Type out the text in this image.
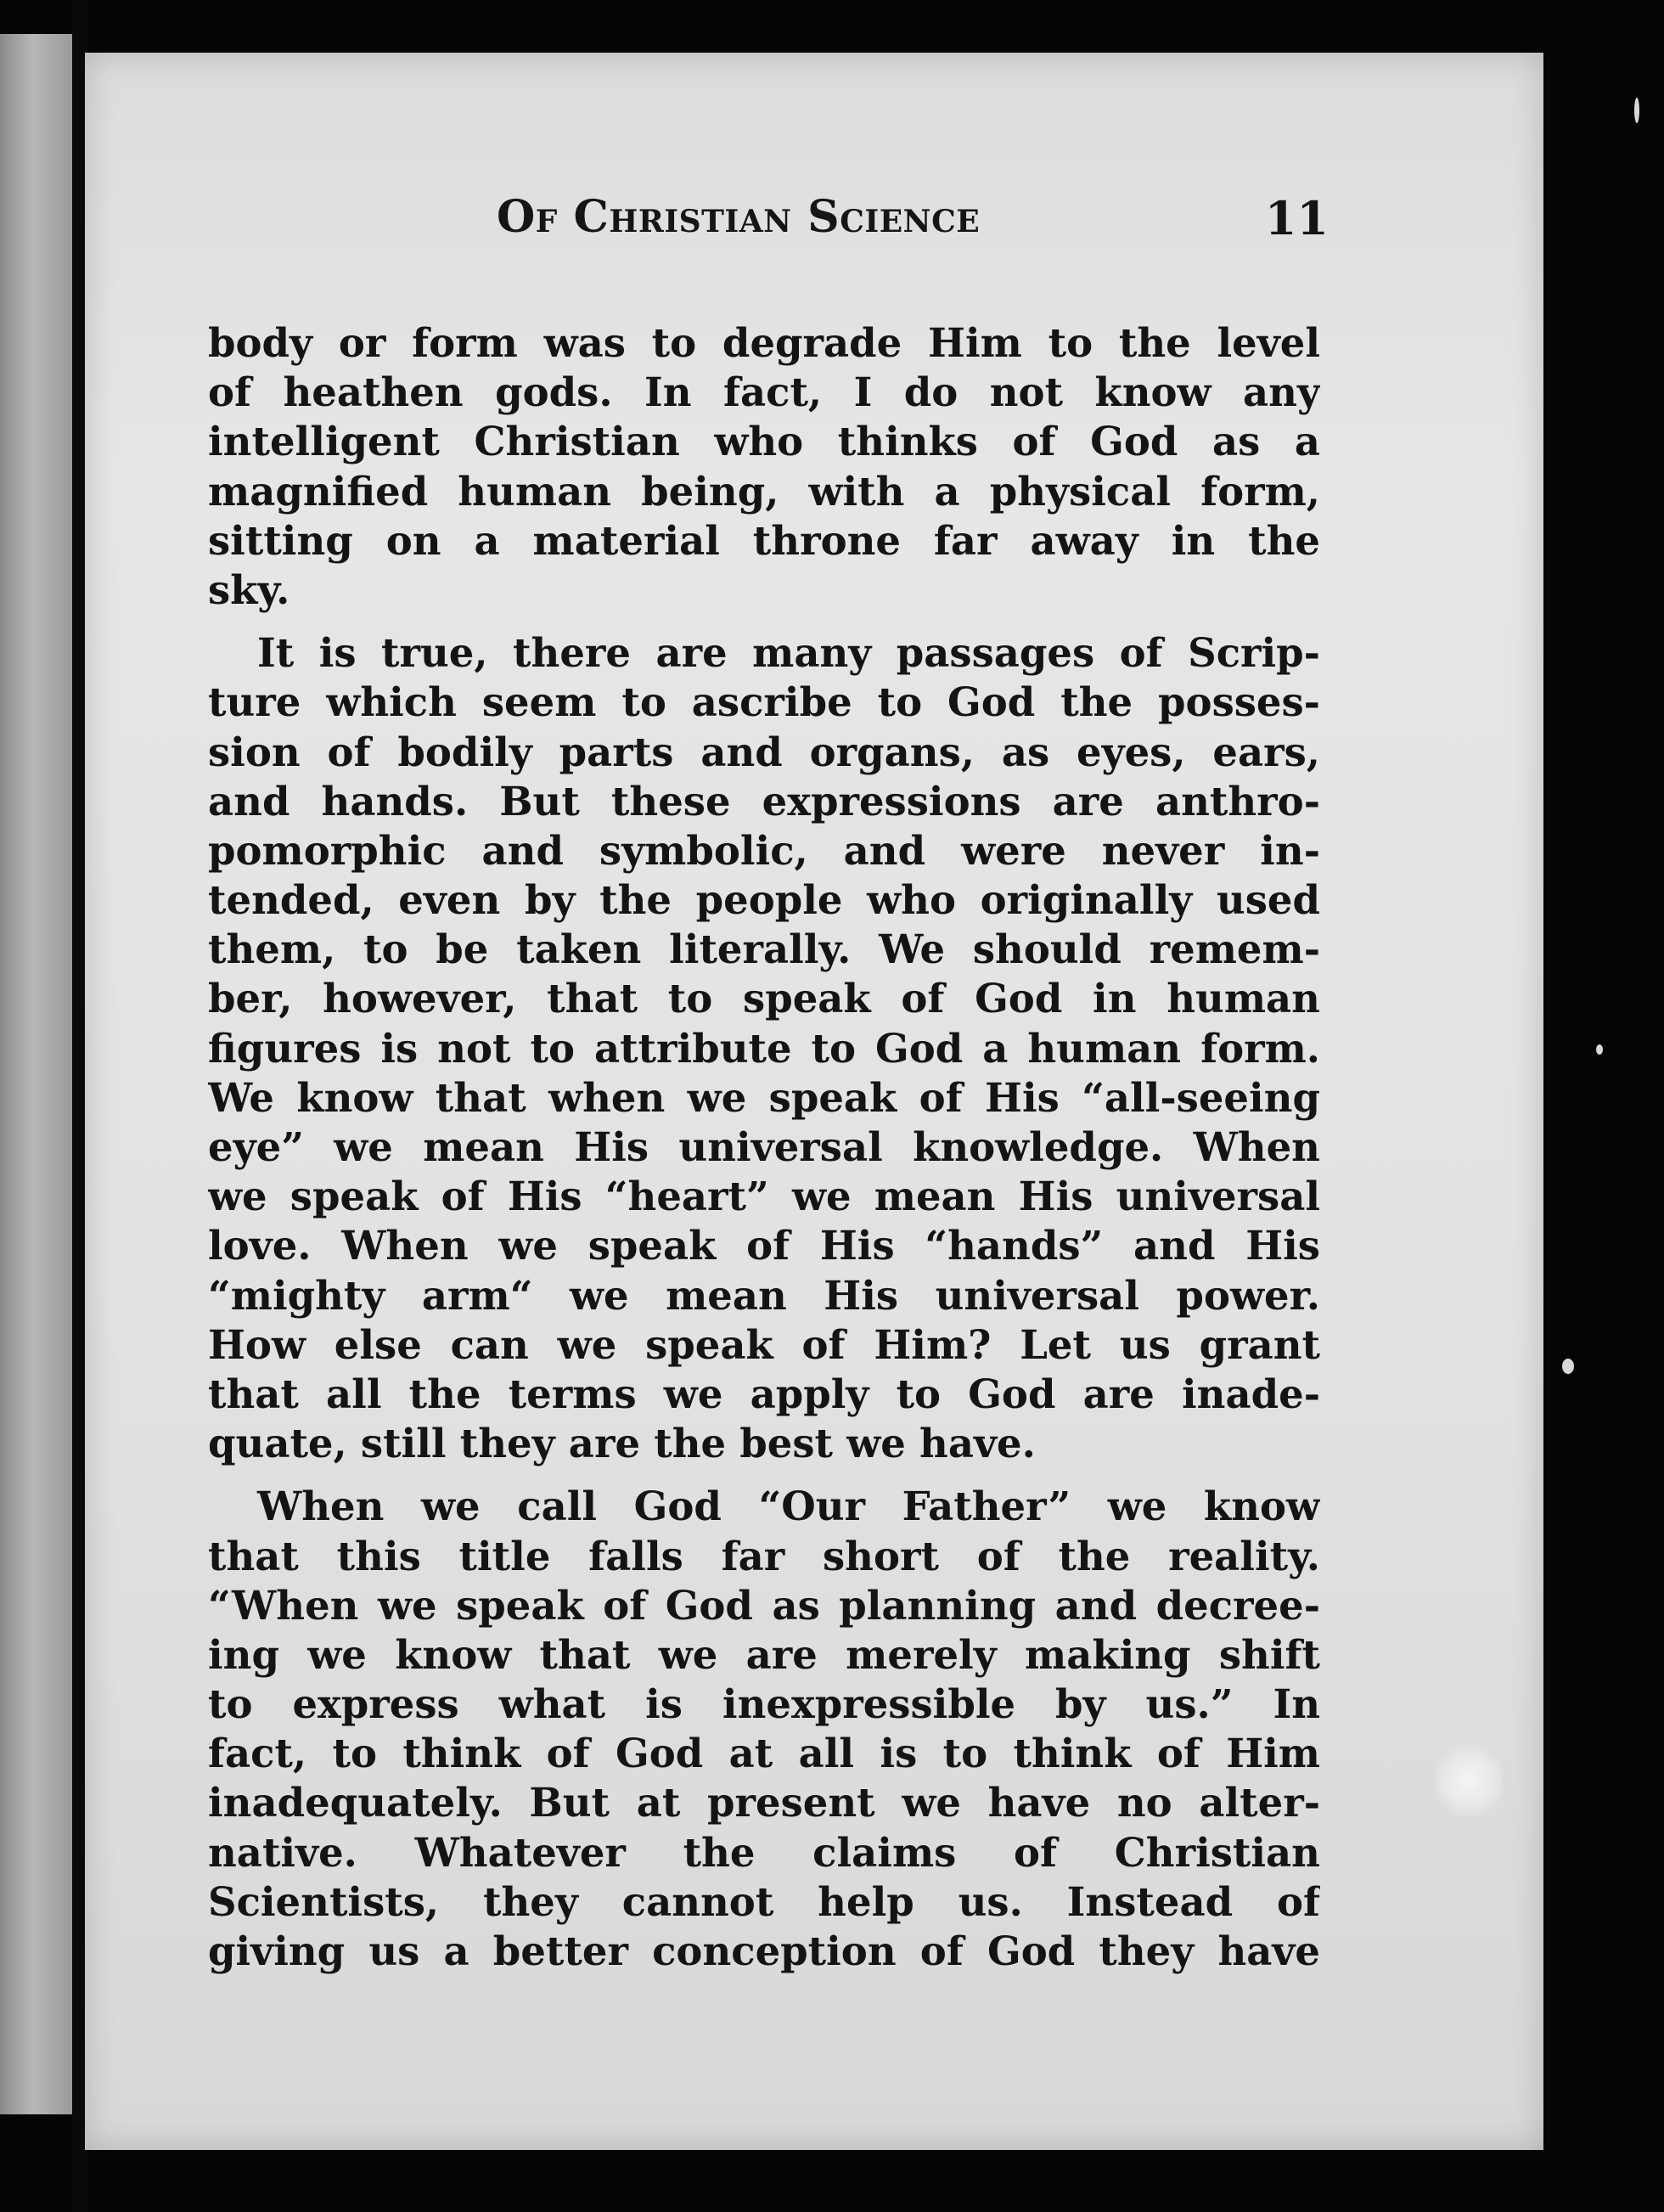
Of Christian Science	11
body or form was to degrade Him to the level
of heathen gods. In fact, I do not know any
intelligent Christian who thinks of God as a
magnified human being, with a physical form,
sitting on a material throne far away in the
sky.
It is true, there are many passages of Scrip-
ture which seem to ascribe to God the posses-
sion of bodily parts and organs, as eyes, ears,
and hands. But these expressions are anthro-
pomorphic and symbolic, and were never in-
tended, even by the people who originally used
them, to be taken literally. We should remem-
ber, however, that to speak of God in human
figures is not to attribute to God a human form.
We know that when we speak of His “all-seeing
eye” we mean His universal knowledge. When
we speak of His “heart” we mean His universal
love. When we speak of His “hands” and His
“mighty arm“ we mean His universal power.
How else can we speak of Him? Let us grant
that all the terms we apply to God are inade-
quate, still they are the best we have.
When we call God “Our Father” we know
that this title falls far short of the reality.
“When we speak of God as planning and decree-
ing we know that we are merely making shift
to express what is inexpressible by us.” In
fact, to think of God at all is to think of Him
inadequately. But at present we have no alter-
native. Whatever the claims of Christian
Scientists, they cannot help us. Instead of
giving us a better conception of God they have
